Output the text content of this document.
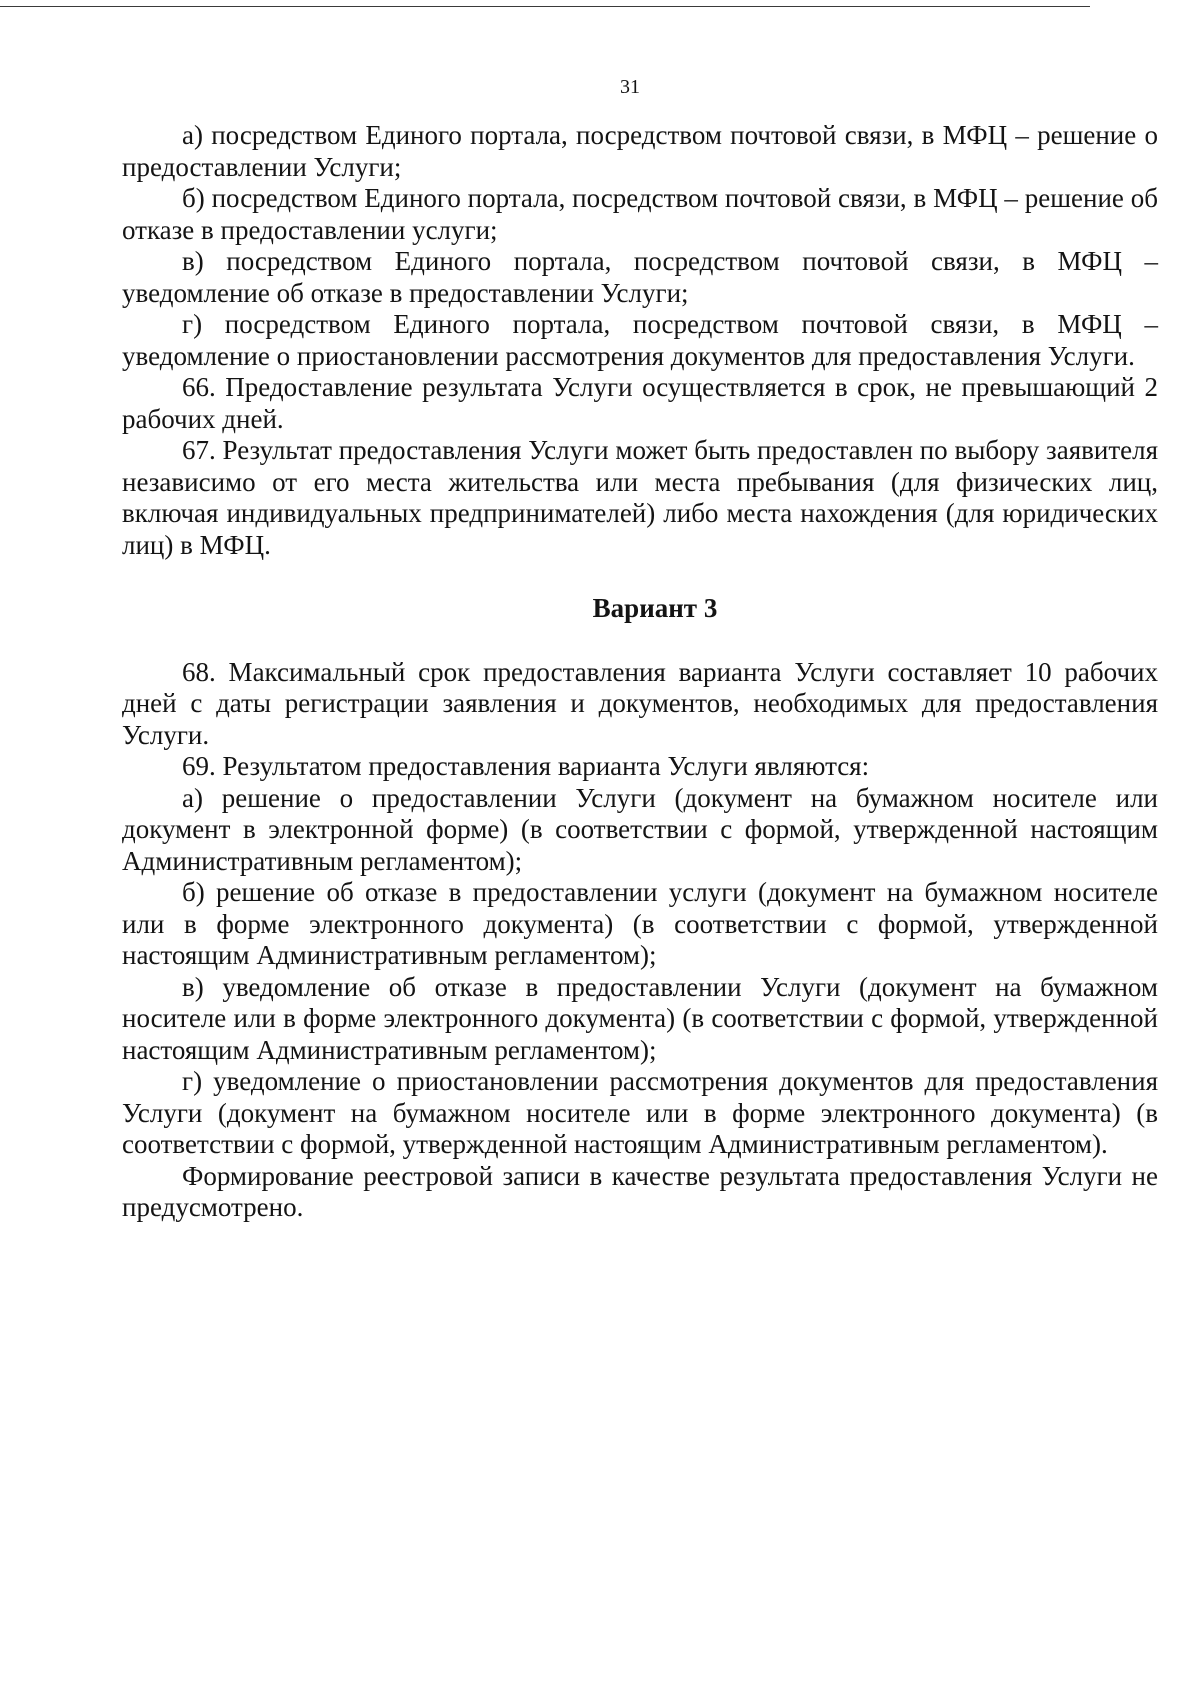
31

а) посредством Единого портала, посредством почтовой связи, в МФЦ – решение о предоставлении Услуги;

б) посредством Единого портала, посредством почтовой связи, в МФЦ – решение об отказе в предоставлении услуги;

в) посредством Единого портала, посредством почтовой связи, в МФЦ – уведомление об отказе в предоставлении Услуги;

г) посредством Единого портала, посредством почтовой связи, в МФЦ – уведомление о приостановлении рассмотрения документов для предоставления Услуги.

66. Предоставление результата Услуги осуществляется в срок, не превышающий 2 рабочих дней.

67. Результат предоставления Услуги может быть предоставлен по выбору заявителя независимо от его места жительства или места пребывания (для физических лиц, включая индивидуальных предпринимателей) либо места нахождения (для юридических лиц) в МФЦ.

Вариант 3

68. Максимальный срок предоставления варианта Услуги составляет 10 рабочих дней с даты регистрации заявления и документов, необходимых для предоставления Услуги.

69. Результатом предоставления варианта Услуги являются:

а) решение о предоставлении Услуги (документ на бумажном носителе или документ в электронной форме) (в соответствии с формой, утвержденной настоящим Административным регламентом);

б) решение об отказе в предоставлении услуги (документ на бумажном носителе или в форме электронного документа) (в соответствии с формой, утвержденной настоящим Административным регламентом);

в) уведомление об отказе в предоставлении Услуги (документ на бумажном носителе или в форме электронного документа) (в соответствии с формой, утвержденной настоящим Административным регламентом);

г) уведомление о приостановлении рассмотрения документов для предоставления Услуги (документ на бумажном носителе или в форме электронного документа) (в соответствии с формой, утвержденной настоящим Административным регламентом).

Формирование реестровой записи в качестве результата предоставления Услуги не предусмотрено.
